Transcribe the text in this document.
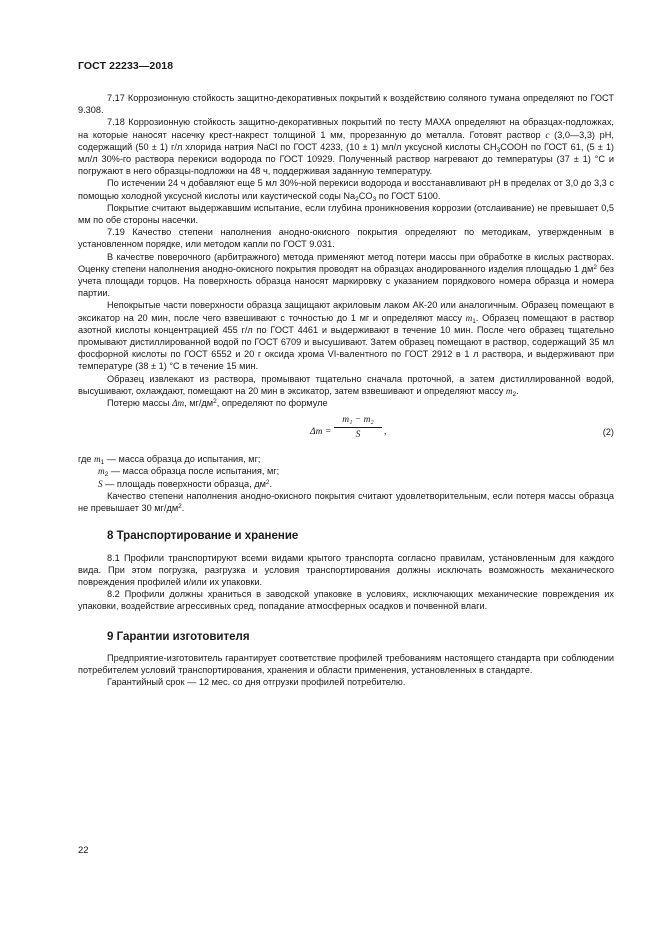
ГОСТ 22233—2018

7.17 Коррозионную стойкость защитно-декоративных покрытий к воздействию соляного тумана определяют по ГОСТ 9.308.

7.18 Коррозионную стойкость защитно-декоративных покрытий по тесту МАХА определяют на образцах-подложках, на которые наносят насечку крест-накрест толщиной 1 мм, прорезанную до металла. Готовят раствор c (3,0—3,3) pH, содержащий (50 ± 1) г/л хлорида натрия NaCl по ГОСТ 4233, (10 ± 1) мл/л уксусной кислоты $CH_3COOH$ по ГОСТ 61, (5 ± 1) мл/л 30%-го раствора перекиси водорода по ГОСТ 10929. Полученный раствор нагревают до температуры (37 ± 1) °С и погружают в него образцы-подложки на 48 ч, поддерживая заданную температуру.

По истечении 24 ч добавляют еще 5 мл 30%-ной перекиси водорода и восстанавливают pH в пределах от 3,0 до 3,3 с помощью холодной уксусной кислоты или каустической соды $Na_2CO_3$ по ГОСТ 5100.

Покрытие считают выдержавшим испытание, если глубина проникновения коррозии (отслаивание) не превышает 0,5 мм по обе стороны насечки.

7.19 Качество степени наполнения анодно-окисного покрытия определяют по методикам, утвержденным в установленном порядке, или методом капли по ГОСТ 9.031.

В качестве поверочного (арбитражного) метода применяют метод потери массы при обработке в кислых растворах. Оценку степени наполнения анодно-окисного покрытия проводят на образцах анодированного изделия площадью 1 $дм^2$ без учета площади торцов. На поверхность образца наносят маркировку с указанием порядкового номера образца и номера партии.

Непокрытые части поверхности образца защищают акриловым лаком АК-20 или аналогичным. Образец помещают в эксикатор на 20 мин, после чего взвешивают с точностью до 1 мг и определяют массу $m_1$. Образец помещают в раствор азотной кислоты концентрацией 455 г/л по ГОСТ 4461 и выдерживают в течение 10 мин. После чего образец тщательно промывают дистиллированной водой по ГОСТ 6709 и высушивают. Затем образец помещают в раствор, содержащий 35 мл фосфорной кислоты по ГОСТ 6552 и 20 г оксида хрома VI-валентного по ГОСТ 2912 в 1 л раствора, и выдерживают при температуре (38 ± 1) °С в течение 15 мин.

Образец извлекают из раствора, промывают тщательно сначала проточной, а затем дистиллированной водой, высушивают, охлаждают, помещают на 20 мин в эксикатор, затем взвешивают и определяют массу $m_2$.

Потерю массы Δm, $мг/дм^2$, определяют по формуле

$\Delta m = \frac{\text{m₁ − m₂}}{S}$ ,	(2)

где $m_1$ — масса образца до испытания, мг;

$m_2$ — масса образца после испытания, мг;

S — площадь поверхности образца, $дм^2$.

Качество степени наполнения анодно-окисного покрытия считают удовлетворительным, если потеря массы образца не превышает 30 $мг/дм^2$.

8 Транспортирование и хранение

8.1 Профили транспортируют всеми видами крытого транспорта согласно правилам, установленным для каждого вида. При этом погрузка, разгрузка и условия транспортирования должны исключать возможность механического повреждения профилей и/или их упаковки.

8.2 Профили должны храниться в заводской упаковке в условиях, исключающих механические повреждения их упаковки, воздействие агрессивных сред, попадание атмосферных осадков и почвенной влаги.

9 Гарантии изготовителя

Предприятие-изготовитель гарантирует соответствие профилей требованиям настоящего стандарта при соблюдении потребителем условий транспортирования, хранения и области применения, установленных в стандарте.

Гарантийный срок — 12 мес. со дня отгрузки профилей потребителю.

22
